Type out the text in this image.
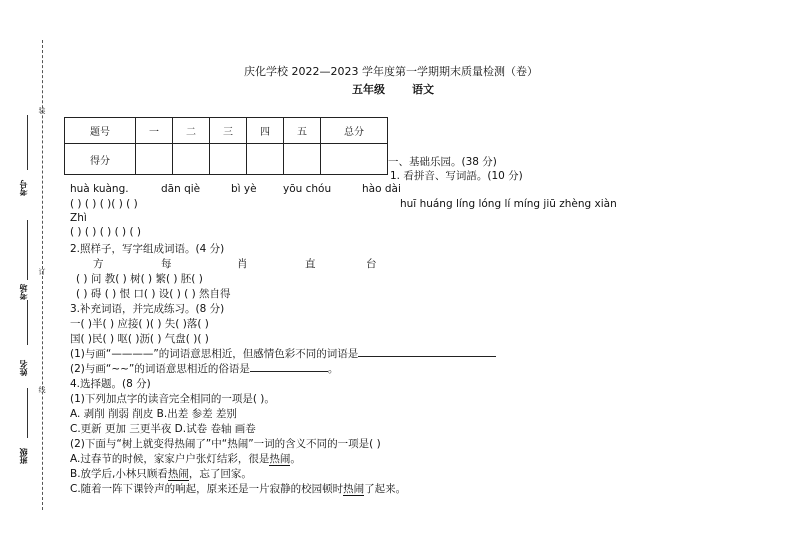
装
订
线
考号
考场
姓名
班级
庆化学校 2022—2023 学年度第一学期期末质量检测（卷）
五年级 语文
题号	一	二	三	四	五	总分
得分							一、基础乐园。(38 分)
1. 看拼音、写词語。(10 分)
huà kuàng.	dān qiè	bì yè	yōu chóu	hào dài
( ) ( ) ( )( ) ( )	huī huáng líng lóng lí míng jiū zhèng xiàn
Zhì
( ) ( ) ( ) ( ) ( )
2.照样子，写字组成词语。(4 分)
方	每	肖	直	台
( ) 问 教( ) 树( ) 繁( ) 胚( )
( ) 碍 ( ) 恨 口( ) 设( ) ( ) 然自得
3.补充词语，并完成练习。(8 分)
一( )半( ) 应接( )( ) 失( )落( )
国( )民( ) 呕( )沥( ) 气盘( )( )
(1)与画“————”的词语意思相近，但感情色彩不同的词语是
(2)与画“~~”的词语意思相近的俗语是	。
4.选择题。(8 分)
(1)下列加点字的读音完全相同的一项是( )。
A. 剥削 削弱 削皮 B.出差 参差 差别
C.更新 更加 三更半夜 D.试卷 卷轴 画卷
(2)下面与“树上就变得热闹了”中“热闹”一词的含义不同的一项是( )
A.过春节的时候，家家户户张灯结彩，很是热闹。
B.放学后,小林只顾看热闹，忘了回家。
C.随着一阵下课铃声的响起，原来还是一片寂静的校园顿时热闹了起来。
